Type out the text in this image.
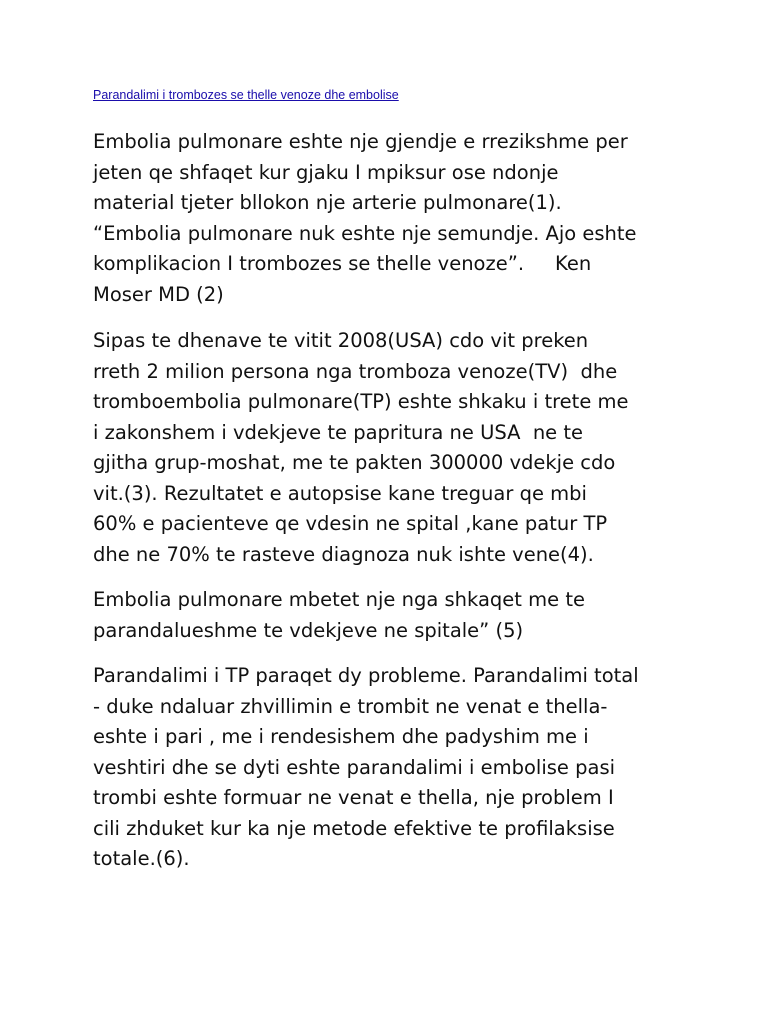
Parandalimi i trombozes se thelle venoze dhe embolise
Embolia pulmonare eshte nje gjendje e rrezikshme per
jeten qe shfaqet kur gjaku I mpiksur ose ndonje
material tjeter bllokon nje arterie pulmonare(1).
“Embolia pulmonare nuk eshte nje semundje. Ajo eshte
komplikacion I trombozes se thelle venoze”.     Ken
Moser MD (2)
Sipas te dhenave te vitit 2008(USA) cdo vit preken
rreth 2 milion persona nga tromboza venoze(TV)  dhe
tromboembolia pulmonare(TP) eshte shkaku i trete me
i zakonshem i vdekjeve te papritura ne USA  ne te
gjitha grup-moshat, me te pakten 300000 vdekje cdo
vit.(3). Rezultatet e autopsise kane treguar qe mbi
60% e pacienteve qe vdesin ne spital ,kane patur TP
dhe ne 70% te rasteve diagnoza nuk ishte vene(4).
Embolia pulmonare mbetet nje nga shkaqet me te
parandalueshme te vdekjeve ne spitale” (5)
Parandalimi i TP paraqet dy probleme. Parandalimi total
- duke ndaluar zhvillimin e trombit ne venat e thella-
eshte i pari , me i rendesishem dhe padyshim me i
veshtiri dhe se dyti eshte parandalimi i embolise pasi
trombi eshte formuar ne venat e thella, nje problem I
cili zhduket kur ka nje metode efektive te profilaksise
totale.(6).
